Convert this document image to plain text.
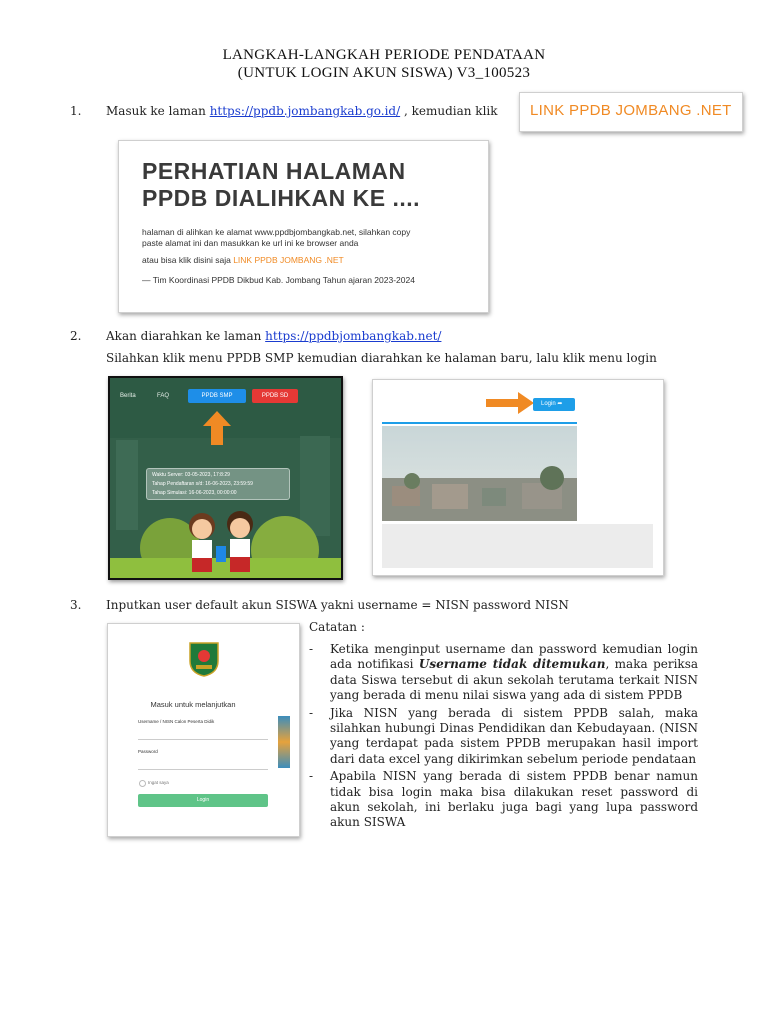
LANGKAH-LANGKAH PERIODE PENDATAAN
(UNTUK LOGIN AKUN SISWA) V3_100523
1. Masuk ke laman https://ppdb.jombangkab.go.id/ , kemudian klik LINK PPDB JOMBANG .NET
PERHATIAN HALAMAN
PPDB DIALIHKAN KE ....
halaman di alihkan ke alamat www.ppdbjombangkab.net, silahkan copy
paste alamat ini dan masukkan ke url ini ke browser anda
atau bisa klik disini saja LINK PPDB JOMBANG .NET
— Tim Koordinasi PPDB Dikbud Kab. Jombang Tahun ajaran 2023-2024
2. Akan diarahkan ke laman https://ppdbjombangkab.net/
Silahkan klik menu PPDB SMP kemudian diarahkan ke halaman baru, lalu klik menu login
Berita	FAQ	PPDB SMP	PPDB SD
Waktu Server: 03-05-2023, 17:8:29
Tahap Pendaftaran s/d: 16-06-2023, 23:59:59
Tahap Simulasi: 16-06-2023, 00:00:00
Login ➦
3. Inputkan user default akun SISWA yakni username = NISN password NISN
Masuk untuk melanjutkan
Username / NISN Calon Peserta Didik
Password
Ingat saya
Login
Catatan :
- Ketika menginput username dan password kemudian login ada notifikasi Username tidak ditemukan, maka periksa data Siswa tersebut di akun sekolah terutama terkait NISN yang berada di menu nilai siswa yang ada di sistem PPDB
- Jika NISN yang berada di sistem PPDB salah, maka silahkan hubungi Dinas Pendidikan dan Kebudayaan. (NISN yang terdapat pada sistem PPDB merupakan hasil import dari data excel yang dikirimkan sebelum periode pendataan
- Apabila NISN yang berada di sistem PPDB benar namun tidak bisa login maka bisa dilakukan reset password di akun sekolah, ini berlaku juga bagi yang lupa password akun SISWA
